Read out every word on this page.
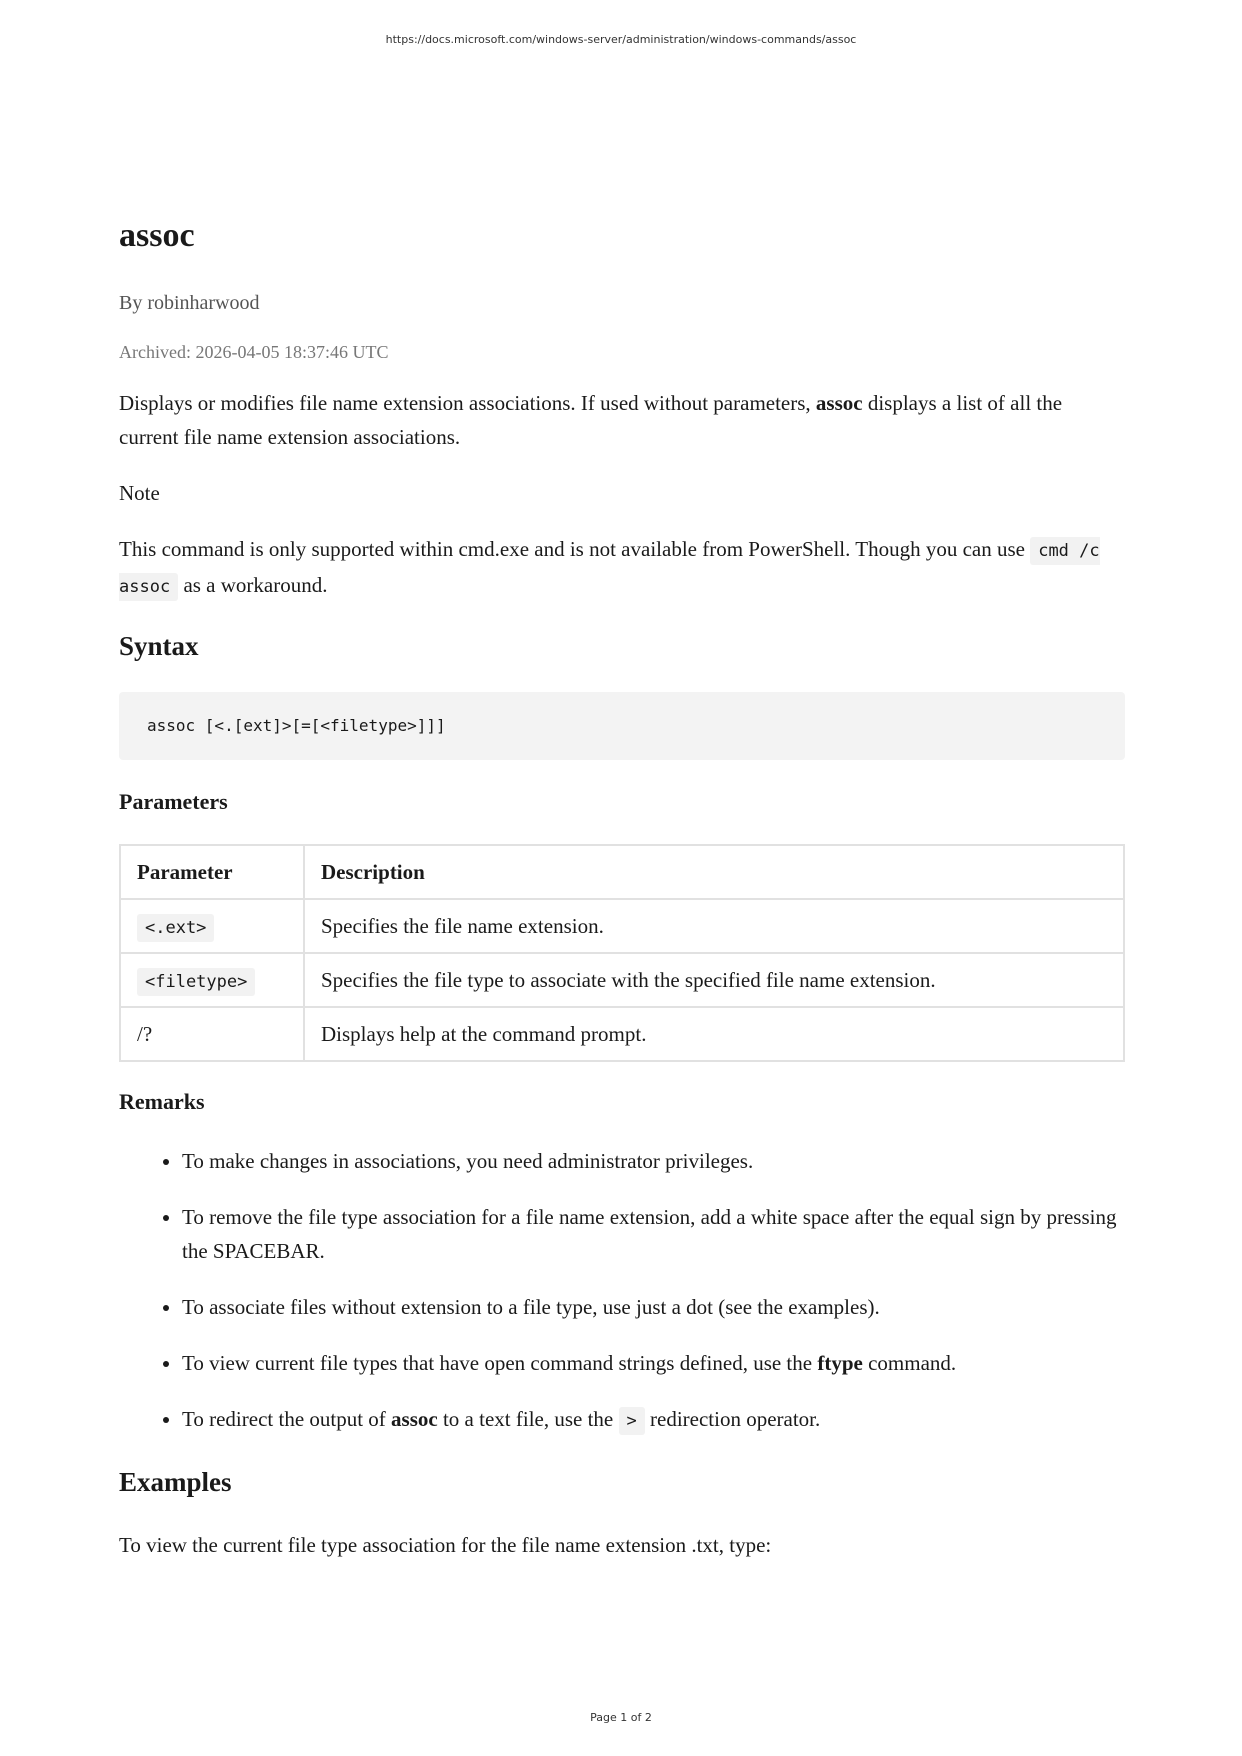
https://docs.microsoft.com/windows-server/administration/windows-commands/assoc
assoc
By robinharwood
Archived: 2026-04-05 18:37:46 UTC

Displays or modifies file name extension associations. If used without parameters, assoc displays a list of all the current file name extension associations.

Note

This command is only supported within cmd.exe and is not available from PowerShell. Though you can use cmd /c assoc as a workaround.

Syntax
assoc [<.[ext]>[=[<filetype>]]]
Parameters
Parameter	Description
<.ext>	Specifies the file name extension.
<filetype>	Specifies the file type to associate with the specified file name extension.
/?	Displays help at the command prompt.
Remarks
• To make changes in associations, you need administrator privileges.
• To remove the file type association for a file name extension, add a white space after the equal sign by pressing the SPACEBAR.
• To associate files without extension to a file type, use just a dot (see the examples).
• To view current file types that have open command strings defined, use the ftype command.
• To redirect the output of assoc to a text file, use the > redirection operator.
Examples

To view the current file type association for the file name extension .txt, type:

Page 1 of 2
